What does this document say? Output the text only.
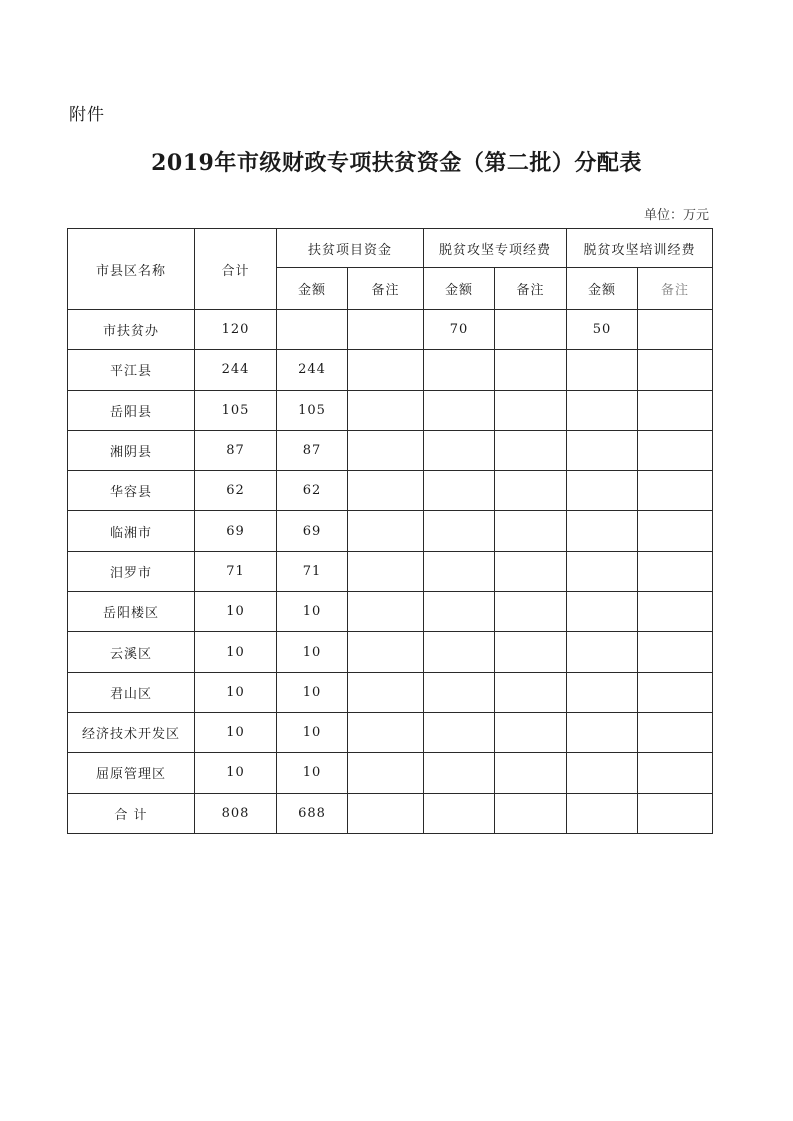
附件
2019年市级财政专项扶贫资金（第二批）分配表
单位：万元
市县区名称	合计	扶贫项目资金		脱贫攻坚专项经费		脱贫攻坚培训经费	
		金额	备注	金额	备注	金额	备注
市扶贫办	120			70		50	
平江县	244	244					
岳阳县	105	105					
湘阴县	87	87					
华容县	62	62					
临湘市	69	69					
汨罗市	71	71					
岳阳楼区	10	10					
云溪区	10	10					
君山区	10	10					
经济技术开发区	10	10					
屈原管理区	10	10					
合 计	808	688					
